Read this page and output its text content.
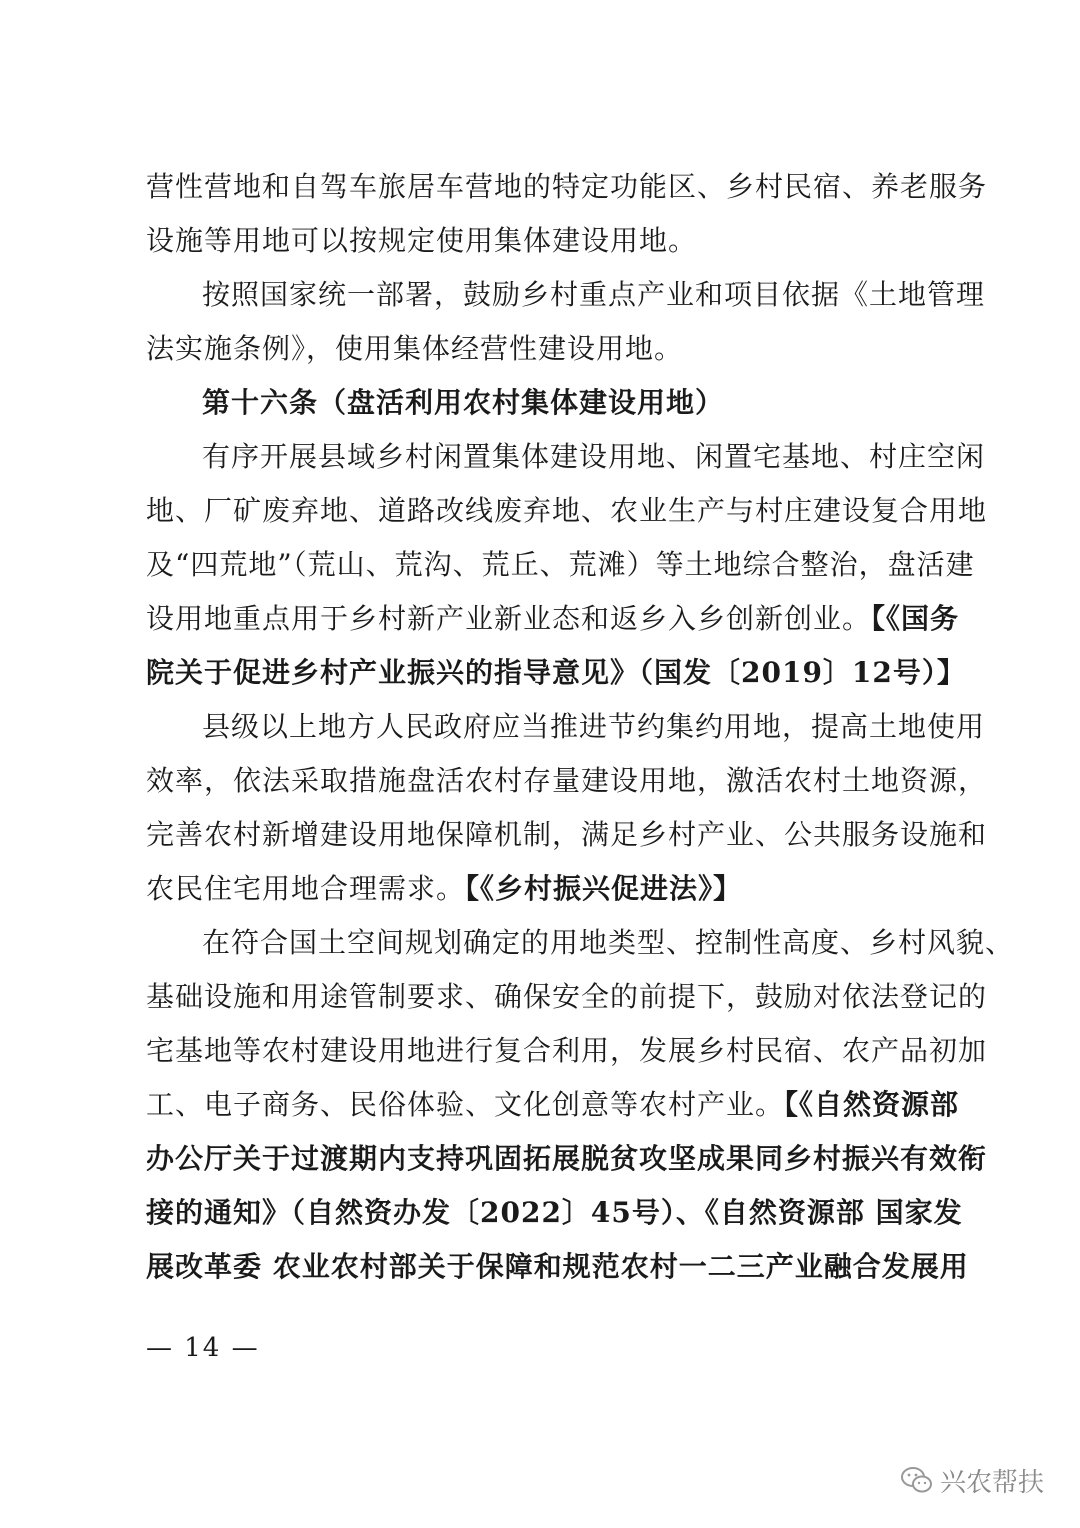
营性营地和自驾车旅居车营地的特定功能区、乡村民宿、养老服务
设施等用地可以按规定使用集体建设用地。
按照国家统一部署，鼓励乡村重点产业和项目依据《土地管理
法实施条例》，使用集体经营性建设用地。
第十六条（盘活利用农村集体建设用地）
有序开展县域乡村闲置集体建设用地、闲置宅基地、村庄空闲
地、厂矿废弃地、道路改线废弃地、农业生产与村庄建设复合用地
及“四荒地”（荒山、荒沟、荒丘、荒滩）等土地综合整治，盘活建
设用地重点用于乡村新产业新业态和返乡入乡创新创业。【《国务
院关于促进乡村产业振兴的指导意见》（国发〔2019〕12号）】
县级以上地方人民政府应当推进节约集约用地，提高土地使用
效率，依法采取措施盘活农村存量建设用地，激活农村土地资源，
完善农村新增建设用地保障机制，满足乡村产业、公共服务设施和
农民住宅用地合理需求。【《乡村振兴促进法》】
在符合国土空间规划确定的用地类型、控制性高度、乡村风貌、
基础设施和用途管制要求、确保安全的前提下，鼓励对依法登记的
宅基地等农村建设用地进行复合利用，发展乡村民宿、农产品初加
工、电子商务、民俗体验、文化创意等农村产业。【《自然资源部
办公厅关于过渡期内支持巩固拓展脱贫攻坚成果同乡村振兴有效衔
接的通知》（自然资办发〔2022〕45号）、《自然资源部 国家发
展改革委 农业农村部关于保障和规范农村一二三产业融合发展用
— 14 —
兴农帮扶
